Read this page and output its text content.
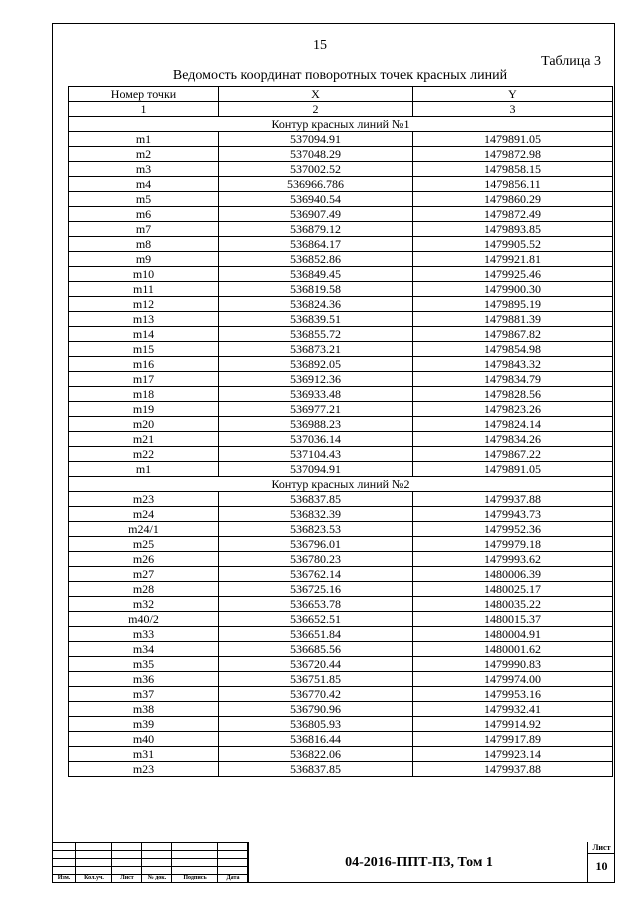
15
Таблица 3
Ведомость координат поворотных точек красных линий
Номер точки	X	Y
1	2	3
Контур красных линий №1		
m1	537094.91	1479891.05
m2	537048.29	1479872.98
m3	537002.52	1479858.15
m4	536966.786	1479856.11
m5	536940.54	1479860.29
m6	536907.49	1479872.49
m7	536879.12	1479893.85
m8	536864.17	1479905.52
m9	536852.86	1479921.81
m10	536849.45	1479925.46
m11	536819.58	1479900.30
m12	536824.36	1479895.19
m13	536839.51	1479881.39
m14	536855.72	1479867.82
m15	536873.21	1479854.98
m16	536892.05	1479843.32
m17	536912.36	1479834.79
m18	536933.48	1479828.56
m19	536977.21	1479823.26
m20	536988.23	1479824.14
m21	537036.14	1479834.26
m22	537104.43	1479867.22
m1	537094.91	1479891.05
Контур красных линий №2		
m23	536837.85	1479937.88
m24	536832.39	1479943.73
m24/1	536823.53	1479952.36
m25	536796.01	1479979.18
m26	536780.23	1479993.62
m27	536762.14	1480006.39
m28	536725.16	1480025.17
m32	536653.78	1480035.22
m40/2	536652.51	1480015.37
m33	536651.84	1480004.91
m34	536685.56	1480001.62
m35	536720.44	1479990.83
m36	536751.85	1479974.00
m37	536770.42	1479953.16
m38	536790.96	1479932.41
m39	536805.93	1479914.92
m40	536816.44	1479917.89
m31	536822.06	1479923.14
m23	536837.85	1479937.88
Изм.	Кол.уч.	Лист	№ док.	Подпись	Дата
04-2016-ППТ-ПЗ, Том 1
Лист
10
